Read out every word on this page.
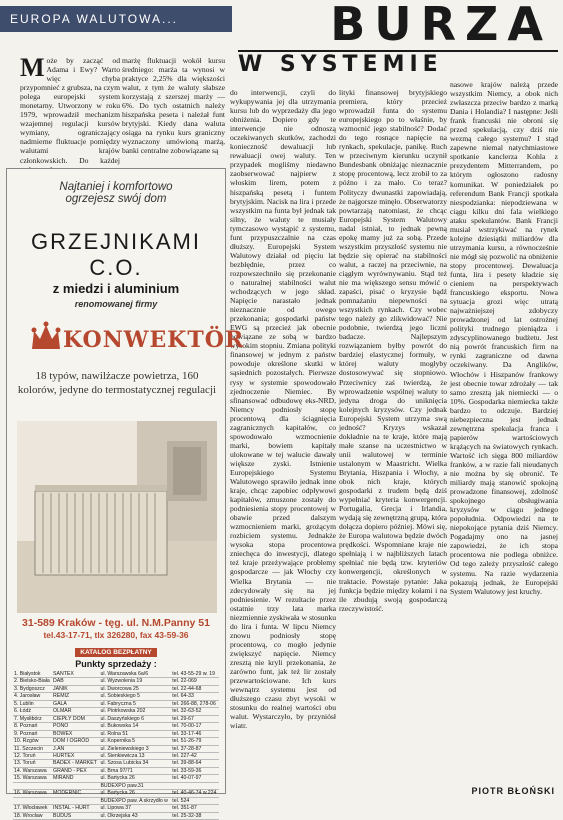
EUROPA WALUTOWA...	BURZA
W SYSTEMIE
Może by zacząć od Adama i Ewy? Warto więc chyba przypomnieć z grubsza, na czym polega europejski system monetarny. Utworzony w roku 1979, wprowadził mechanizm wzajemnej regulacji kursów wymiany, ograniczający nadmierne fluktuacje pomiędzy walutami krajów członkowskich. Do każdej
marżę fluktuacji wokół kursu średniego: marża ta wynosi w praktyce 2,25% dla większości walut, z tym że waluty słabsze korzystają z szerszej marży — 6%. Do tych ostatnich należy hiszpańska peseta i należał funt brytyjski. Kiedy dana waluta osiąga na rynku kurs graniczny wyznaczony umówioną marżą, banki centralne zobowiązane są
do interwencji, czyli do wykupywania jej dla utrzymania kursu lub do wyprzedaży dla jego obniżenia. Dopiero gdy te interwencje nie odnoszą oczekiwanych skutków, zachodzi konieczność dewaluacji lub rewaluacji owej waluty. Ten przypadek mogliśmy niedawno zaobserwować najpierw z włoskim lirem, potem z hiszpańską pesetą i funtem brytyjskim. Nacisk na lira i przede wszystkim na funta był jednak tak silny, że waluty te musiały tymczasowo wystąpić z systemu, funt przypuszczalnie na czas dłuższy. Europejski System Walutowy działał od pięciu lat bezbłędnie, przez co rozpowszechniło się przekonanie o naturalnej stabilności walut wchodzących w jego skład. Napięcie narastało jednak nieznacznie od owego przekonania; gospodarki państw EWG są przecież jak obecnie powiązane ze sobą w bardzo wysokim stopniu. Zmiana polityki finansowej w jednym z państw powoduje określone skutki w sąsiednich pozostałych. Pierwsze rysy w systemie spowodowało zjednoczenie Niemiec. By sfinansować odbudowę eks-NRD, Niemcy podniosły stopę procentową dla ściągnięcia zagranicznych kapitałów, co spowodowało wzmocnienie marki, bowiem kapitały ulokowane w tej walucie dawały większe zyski. Istnienie Europejskiego Systemu Walutowego sprawiło jednak inne kraje, chcąc zapobiec odpływowi kapitałów, zmuszone zostały do podniesienia stopy procentowej w obawie przed dalszym wzmocnieniem marki, grożącym rozbiciem systemu. Jednakże wysoka stopa procentowa zniechęca do inwestycji, dlatego też kraje przeżywające problemy gospodarcze — jak Włochy czy Wielka Brytania — nie zdecydowały się na jej podniesienie. W rezultacie przez ostatnie trzy lata marka niezmiennie zyskiwała w stosunku do lira i funta. W lipcu Niemcy znowu podniosły stopę procentową, co mogło jedynie zwiększyć napięcie. Niemcy zresztą nie kryli przekonania, że zarówno funt, jak też lir zostały przewartościowane. Ich kurs wewnątrz systemu jest od dłuższego czasu zbyt wysoki w stosunku do realnej wartości obu walut. Wystarczyło, by przyniósł wiatr.
lityki finansowej brytyjskiego premiera, który przecież wprowadził funta do systemu europejskiego po to właśnie, by wzmocnić jego stabilność? Dodać do tego rosnące napięcie na rynkach, spekulacje, panikę. Ruch w przeciwnym kierunku uczynił Bundesbank obniżając nieznacznie stopę procentową, lecz zrobił to za późno i za mało. Co teraz? Polityczy dwunastki zapowiadają, że najgorsze minęło. Obserwatorzy powtarzają natomiast, że chcąc Europejski System Walutowy nadal istniał, to jednak pewną epokę mamy już za sobą. Przede wszystkim przyszłość systemu nie będzie się opierać na stabilności walut, a raczej na przeciwnie, na ciągłym wyrównywaniu. Stąd też nie ma większego sensu mówić o zapaści, pisać o kryzysie bądź pomnażaniu niepewności na wszystkich rynkach. Czy wobec tego należy go zlikwidować? Nie podobnie, twierdzą jego liczni badacze. Najlepszym rozwiązaniem byłby powrót do bardziej elastycznej formuły, w której waluty mogłyby dostosowywać się stopniowo. Przeciwnicy zaś twierdzą, że wprowadzenie wspólnej waluty to jedyna droga do uniknięcia kolejnych kryzysów. Czy jednak Europejski System utrzyma swą jedność? Kryzys wskazał dokładnie na te kraje, które mają małe szanse na uczestnictwo w unii walutowej w terminie ustalonym w Maastricht. Wielka Brytania, Hiszpania i Włochy, a obok nich kraje, których gospodarki z trudem będą dziś wypełniać kryteria konwergencji. Portugalia, Grecja i Irlandia, wydają się zewnętrzną grupą, która dołącza dopiero później. Mówi się, że Europa walutowa będzie dwóch prędkości. Wspomniane kraje nie spełniają i w najbliższych latach spełniać nie będą tzw. kryteriów konwergencji, określonych w traktacie. Powstaje pytanie: Jaka funkcja będzie między kołami i na ile zbudują swoją gospodarczą rzeczywistość.
nasowe krajów należą przede wszystkim Niemcy, a obok nich zwłaszcza przeciw bardzo z marką Dania i Holandia? I następne: Jeśli frank francuski nie obroni się przed spekulacją, czy dziś nie wezmą całego systemu? I stąd zapewne niemal natychmiastowe spotkanie kanclerza Kohla z prezydentem Mitterrandem, po którym ogłoszono radosny komunikat. W poniedziałek po referendum Bank Francji spotkała niespodzianka: niepodziewana w ciągu kilku dni fala wielkiego ataku spekulantów. Bank Francji musiał wstrzykiwać na rynek kolejne dziesiątki miliardów dla utrzymania kursu, a równocześnie nie mógł się pozwolić na obniżenie stopy procentowej. Dewaluacja funta, lira i pesety kładzie się cieniem na perspektywach francuskiego eksportu. Nowa sytuacja grozi więc utratą najważniejszej zdobyczy prowadzonej od lat ostrożnej polityki trudnego pieniądza i zdyscyplinowanego budżetu. Jest nią powrót francuskich firm na rynki zagraniczne od dawna oczekiwany. Da Anglików, Włochów i Hiszpanów frankowy jest obecnie towar zdrożały — tak samo zresztą jak niemiecki — o 10%. Gospodarka niemiecka także bardzo to odczuje. Bardziej niebezpieczna jest jednak zewnętrzna spekulacja franca i papierów wartościowych krążących na światowych rynkach. Wartość ich sięga 800 miliardów franków, a w razie fali nieudanych nie można by się obronić. Te miliardy mają stanowić spokojną prowadzone finansowej, zdolność spokojnego obsługiwania kryzysów w ciągu jednego popołudnia. Odpowiedzi na te niepokojące pytania dziś Niemcy. Pogadajmy ono na jasnej zapowiedzi, że ich stopa procentowa nie podlega obniżce. Od tego zależy przyszłość całego systemu. Na razie wydarzenia pokazują jednak, że Europejski System Walutowy jest kruchy.
PIOTR BŁOŃSKI
Najtaniej i komfortowo
ogrzejesz swój dom
GRZEJNIKAMI
C.O.
z miedzi i aluminium
renomowanej firmy
KONWEKTÖR
18 typów, nawilżacze powietrza, 160 kolorów, jedyne do termostatycznej regulacji
31-589 Kraków - tęg. ul. N.M.Panny 51
tel.43-17-71, tlx 326280, fax 43-59-36
KATALOG BEZPŁATNY
Punkty sprzedaży :
1. Białystok	SANTEX	ul. Warszawska 6a/6	tel. 43-55-29 w. 19
2. Bielsko-Biała	DAB	ul. Wyzwolenia 19	tel. 22-069
3. Bydgoszcz	JANIK	ul. Dworcowa 25	tel. 22-44-68
4. Jarosław	REMIZ	ul. Sobieskiego 5	tel. 64-33
5. Lublin	GALA	ul. Fabryczna 5	tel. 266-88, 278-06
6. Łódź	OLMAR	ul. Piotrkowska 202	tel. 32-63-52
7. Mysłibórz	CIEPŁY DOM	ul. Daszyńskiego 6	tel. 29-67
8. Poznań	PONO	ul. Bukowska 14	tel. 70-00-17
9. Poznań	BOWEX	ul. Rolna 51	tel. 33-17-46
10. Rzgów	DOM I OGRÓD	ul. Kopernika 5	tel. 51-26-79
11. Szczecin	J.AN	ul. Zieleniewskiego 3	tel. 37-28-87
12. Toruń	HURTEX	ul. Sienkiewicza 13	tel. 227-42
13. Toruń	BADEX - MARKET	ul. Szosa Lubicka 34	tel. 39-88-64
14. Warszawa	GRAND - PEX	ul. Brna 97/71	tel. 33-59-36
15. Warszawa	MIRAND	ul. Bartycka 26	tel. 40-07-97
		BUDEXPO paw.31	
16. Warszawa	MODERNIC	ul. Bartycka 26	tel. 40-46-74 w.224
		BUDEXPO paw. A skrzydło w	tel. 524
17. Włocławek	INSTAL - HURT	ul. Lipowa 37	tel. 351-87
18. Wrocław	BUDUS	ul. Okrzejska 43	tel. 25-32-38
